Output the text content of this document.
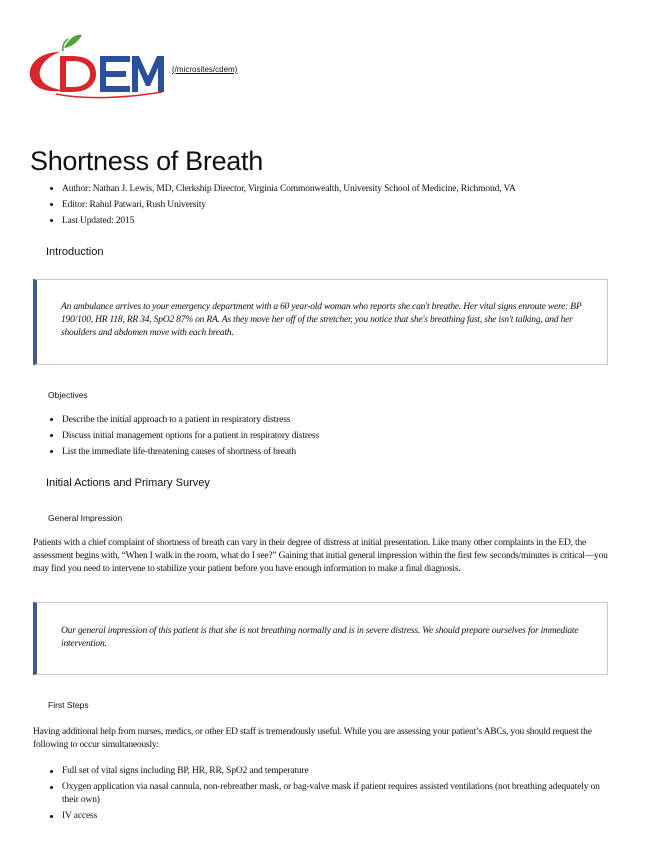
(/microsites/cdem)
Shortness of Breath
Author: Nathan J. Lewis, MD, Clerkship Director, Virginia Commonwealth, University School of Medicine, Richmond, VA
Editor: Rahul Patwari, Rush University
Last Updated: 2015
Introduction

An ambulance arrives to your emergency department with a 60 year-old woman who reports she can't breathe. Her vital signs enroute were: BP 190/100, HR 118, RR 34, SpO2 87% on RA. As they move her off of the stretcher, you notice that she's breathing fast, she isn't talking, and her shoulders and abdomen move with each breath.

Objectives
Describe the initial approach to a patient in respiratory distress
Discuss initial management options for a patient in respiratory distress
List the immediate life-threatening causes of shortness of breath
Initial Actions and Primary Survey
General Impression

Patients with a chief complaint of shortness of breath can vary in their degree of distress at initial presentation. Like many other complaints in the ED, the assessment begins with, “When I walk in the room, what do I see?” Gaining that initial general impression within the first few seconds/minutes is critical—you may find you need to intervene to stabilize your patient before you have enough information to make a final diagnosis.

Our general impression of this patient is that she is not breathing normally and is in severe distress. We should prepare ourselves for immediate intervention.

First Steps

Having additional help from nurses, medics, or other ED staff is tremendously useful. While you are assessing your patient’s ABCs, you should request the following to occur simultaneously:

Full set of vital signs including BP, HR, RR, SpO2 and temperature
Oxygen application via nasal cannula, non-rebreather mask, or bag-valve mask if patient requires assisted ventilations (not breathing adequately on their own)
IV access
